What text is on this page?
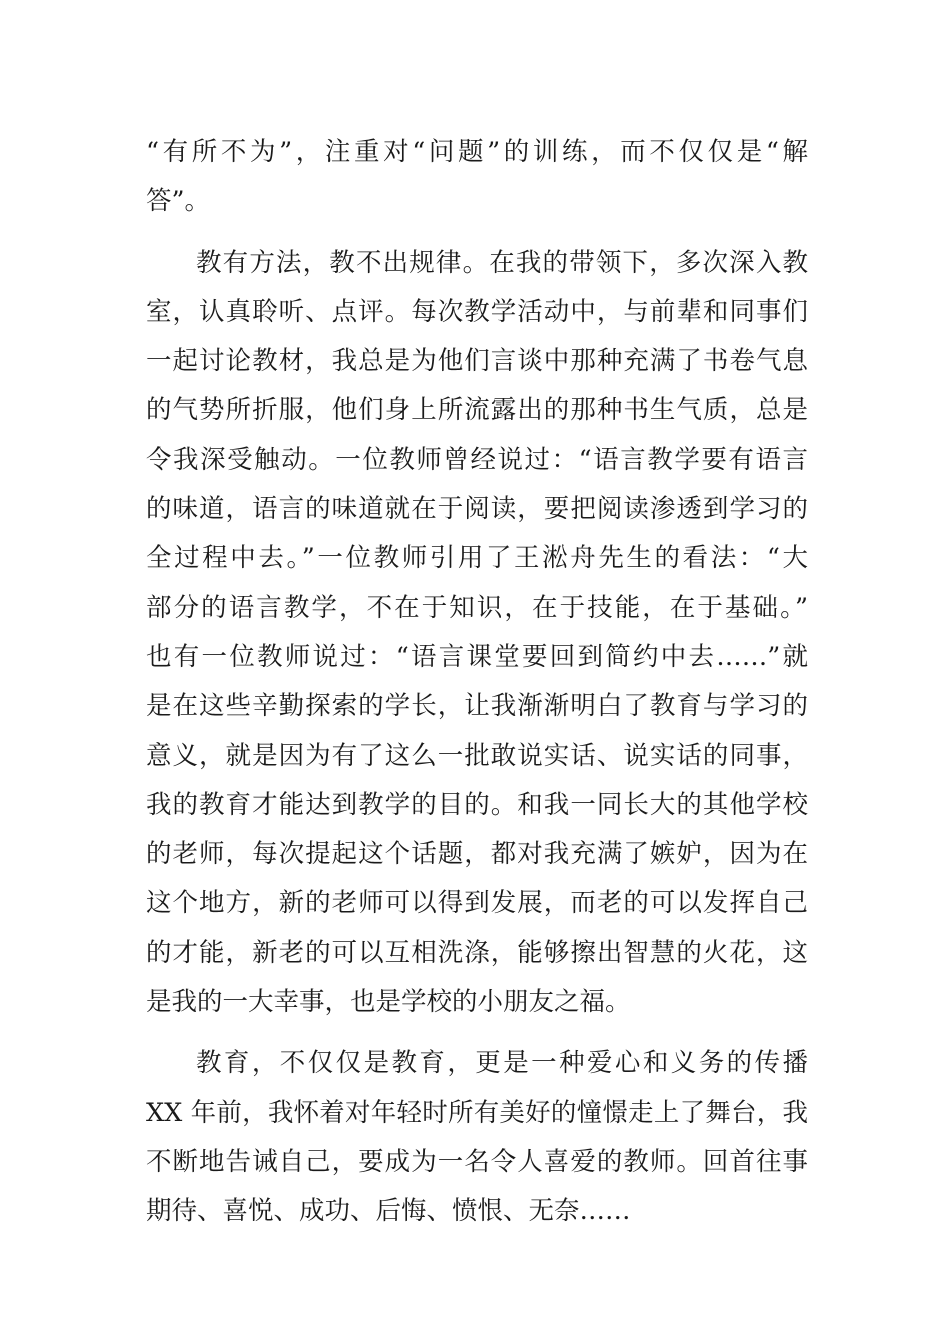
“有所不为”，注重对“问题”的训练，而不仅仅是“解
答”。
教有方法，教不出规律。在我的带领下，多次深入教
室，认真聆听、点评。每次教学活动中，与前辈和同事们
一起讨论教材，我总是为他们言谈中那种充满了书卷气息
的气势所折服，他们身上所流露出的那种书生气质，总是
令我深受触动。一位教师曾经说过：“语言教学要有语言
的味道，语言的味道就在于阅读，要把阅读渗透到学习的
全过程中去。”一位教师引用了王淞舟先生的看法：“大
部分的语言教学，不在于知识，在于技能，在于基础。”
也有一位教师说过：“语言课堂要回到简约中去……”就
是在这些辛勤探索的学长，让我渐渐明白了教育与学习的
意义，就是因为有了这么一批敢说实话、说实话的同事，
我的教育才能达到教学的目的。和我一同长大的其他学校
的老师，每次提起这个话题，都对我充满了嫉妒，因为在
这个地方，新的老师可以得到发展，而老的可以发挥自己
的才能，新老的可以互相洗涤，能够擦出智慧的火花，这
是我的一大幸事，也是学校的小朋友之福。
教育，不仅仅是教育，更是一种爱心和义务的传播
XX 年前，我怀着对年轻时所有美好的憧憬走上了舞台，我
不断地告诫自己，要成为一名令人喜爱的教师。回首往事
期待、喜悦、成功、后悔、愤恨、无奈……
